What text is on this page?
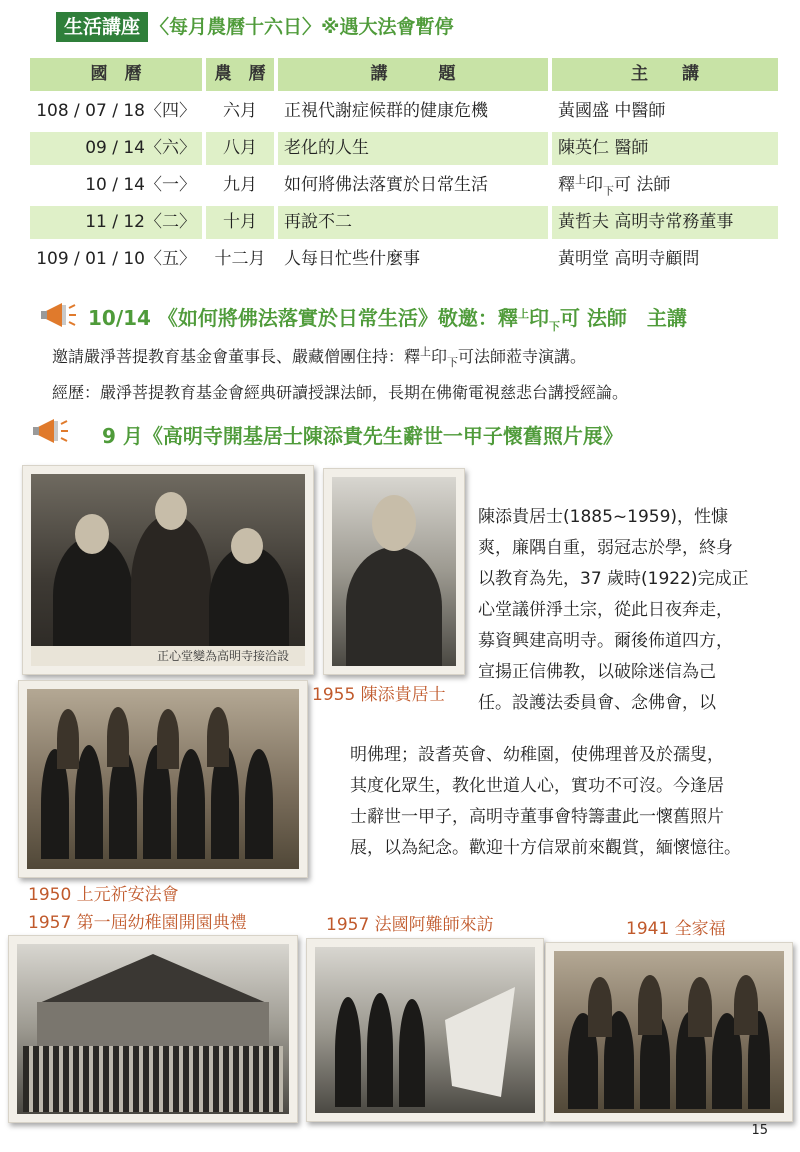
生活講座 〈每月農曆十六日〉※遇大法會暫停
國　曆	農　曆	講　　　題	主　　講
108 / 07 / 18〈四〉	六月	正視代謝症候群的健康危機	黃國盛 中醫師
09 / 14〈六〉	八月	老化的人生	陳英仁 醫師
10 / 14〈一〉	九月	如何將佛法落實於日常生活	釋$^上$印$_下$可 法師
11 / 12〈二〉	十月	再說不二	黃哲夫 高明寺常務董事
109 / 01 / 10〈五〉	十二月	人每日忙些什麼事	黃明堂 高明寺顧問
10/14 《如何將佛法落實於日常生活》敬邀：釋$^上$印$_下$可 法師　主講
邀請嚴淨菩提教育基金會董事長、嚴藏僧團住持：釋$^上$印$_下$可法師蒞寺演講。
經歷：嚴淨菩提教育基金會經典研讀授課法師，長期在佛衛電視慈悲台講授經論。
9 月《高明寺開基居士陳添貴先生辭世一甲子懷舊照片展》
正心堂變為高明寺接洽設
1955 陳添貴居士
陳添貴居士(1885~1959)，性慷
爽，廉隅自重，弱冠志於學，終身
以教育為先，37 歲時(1922)完成正
心堂議併淨土宗，從此日夜奔走，
募資興建高明寺。爾後佈道四方，
宣揚正信佛教，以破除迷信為己
任。設護法委員會、念佛會，以
明佛理；設耆英會、幼稚園，使佛理普及於孺叟，
其度化眾生，教化世道人心，實功不可沒。今逢居
士辭世一甲子，高明寺董事會特籌畫此一懷舊照片
展，以為紀念。歡迎十方信眾前來觀賞，緬懷憶往。
1950 上元祈安法會
1957 第一屆幼稚園開園典禮	1957 法國阿難師來訪	1941 全家福
15
